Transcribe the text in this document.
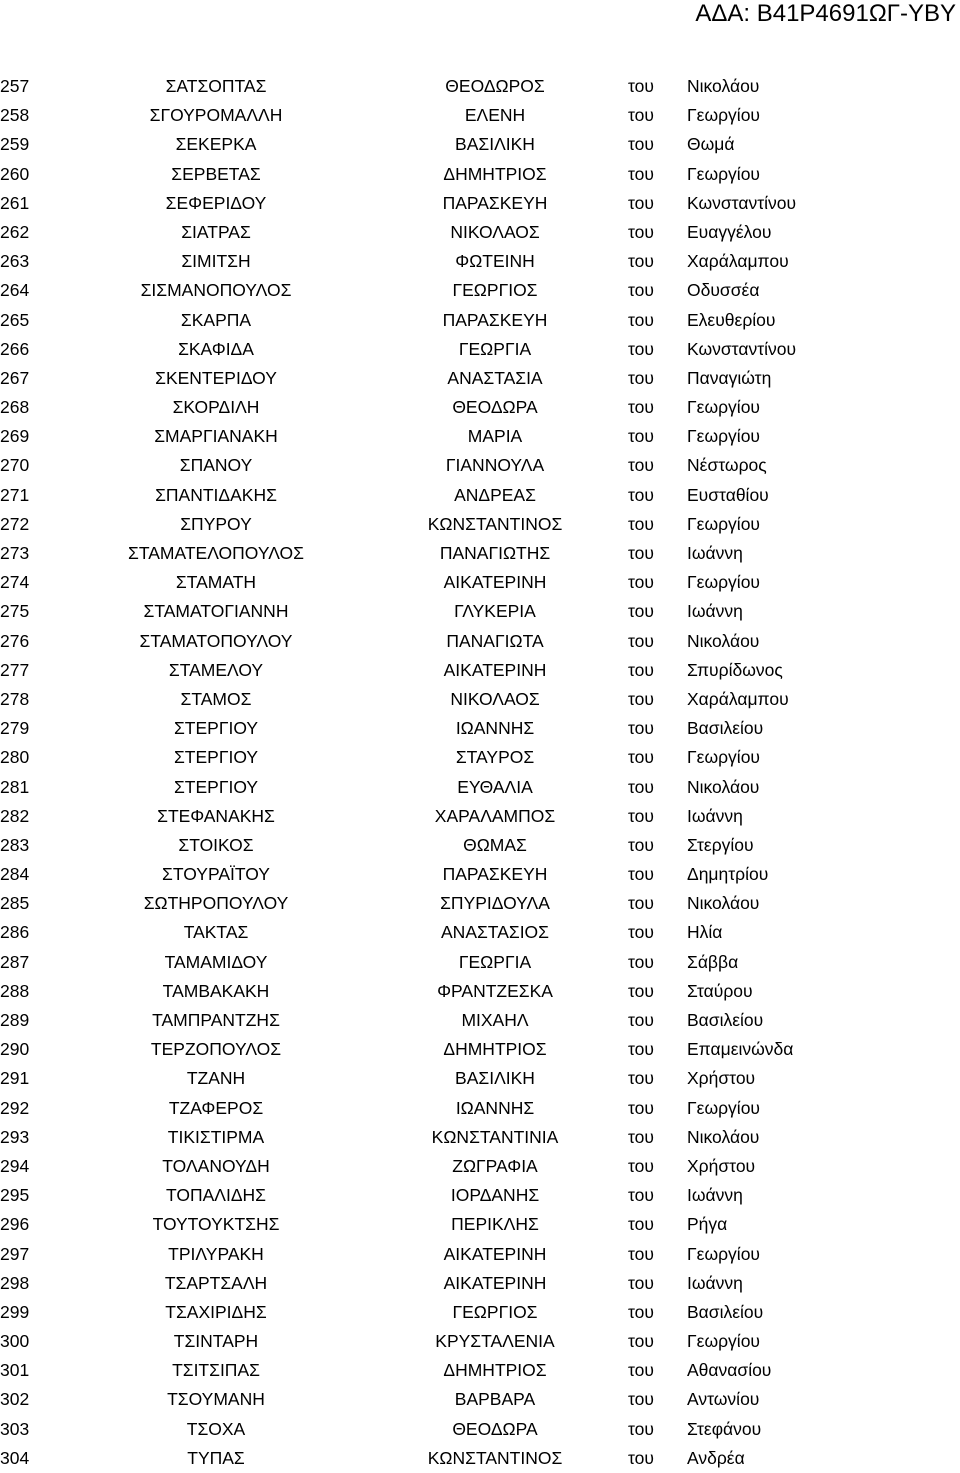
ΑΔΑ: Β41Ρ4691ΩΓ-ΥΒΥ
257	ΣΑΤΣΟΠΤΑΣ	ΘΕΟΔΩΡΟΣ	του Νικολάου
258	ΣΓΟΥΡΟΜΑΛΛΗ	ΕΛΕΝΗ	του Γεωργίου
259	ΣΕΚΕΡΚΑ	ΒΑΣΙΛΙΚΗ	του Θωμά
260	ΣΕΡΒΕΤΑΣ	ΔΗΜΗΤΡΙΟΣ	του Γεωργίου
261	ΣΕΦΕΡΙΔΟΥ	ΠΑΡΑΣΚΕΥΗ	του Κωνσταντίνου
262	ΣΙΑΤΡΑΣ	ΝΙΚΟΛΑΟΣ	του Ευαγγέλου
263	ΣΙΜΙΤΣΗ	ΦΩΤΕΙΝΗ	του Χαράλαμπου
264	ΣΙΣΜΑΝΟΠΟΥΛΟΣ	ΓΕΩΡΓΙΟΣ	του Οδυσσέα
265	ΣΚΑΡΠΑ	ΠΑΡΑΣΚΕΥΗ	του Ελευθερίου
266	ΣΚΑΦΙΔΑ	ΓΕΩΡΓΙΑ	του Κωνσταντίνου
267	ΣΚΕΝΤΕΡΙΔΟΥ	ΑΝΑΣΤΑΣΙΑ	του Παναγιώτη
268	ΣΚΟΡΔΙΛΗ	ΘΕΟΔΩΡΑ	του Γεωργίου
269	ΣΜΑΡΓΙΑΝΑΚΗ	ΜΑΡΙΑ	του Γεωργίου
270	ΣΠΑΝΟΥ	ΓΙΑΝΝΟΥΛΑ	του Νέστωρος
271	ΣΠΑΝΤΙΔΑΚΗΣ	ΑΝΔΡΕΑΣ	του Ευσταθίου
272	ΣΠΥΡΟΥ	ΚΩΝΣΤΑΝΤΙΝΟΣ	του Γεωργίου
273	ΣΤΑΜΑΤΕΛΟΠΟΥΛΟΣ	ΠΑΝΑΓΙΩΤΗΣ	του Ιωάννη
274	ΣΤΑΜΑΤΗ	ΑΙΚΑΤΕΡΙΝΗ	του Γεωργίου
275	ΣΤΑΜΑΤΟΓΙΑΝΝΗ	ΓΛΥΚΕΡΙΑ	του Ιωάννη
276	ΣΤΑΜΑΤΟΠΟΥΛΟΥ	ΠΑΝΑΓΙΩΤΑ	του Νικολάου
277	ΣΤΑΜΕΛΟΥ	ΑΙΚΑΤΕΡΙΝΗ	του Σπυρίδωνος
278	ΣΤΑΜΟΣ	ΝΙΚΟΛΑΟΣ	του Χαράλαμπου
279	ΣΤΕΡΓΙΟΥ	ΙΩΑΝΝΗΣ	του Βασιλείου
280	ΣΤΕΡΓΙΟΥ	ΣΤΑΥΡΟΣ	του Γεωργίου
281	ΣΤΕΡΓΙΟΥ	ΕΥΘΑΛΙΑ	του Νικολάου
282	ΣΤΕΦΑΝΑΚΗΣ	ΧΑΡΑΛΑΜΠΟΣ	του Ιωάννη
283	ΣΤΟΙΚΟΣ	ΘΩΜΑΣ	του Στεργίου
284	ΣΤΟΥΡΑΪΤΟΥ	ΠΑΡΑΣΚΕΥΗ	του Δημητρίου
285	ΣΩΤΗΡΟΠΟΥΛΟΥ	ΣΠΥΡΙΔΟΥΛΑ	του Νικολάου
286	ΤΑΚΤΑΣ	ΑΝΑΣΤΑΣΙΟΣ	του Ηλία
287	ΤΑΜΑΜΙΔΟΥ	ΓΕΩΡΓΙΑ	του Σάββα
288	ΤΑΜΒΑΚΑΚΗ	ΦΡΑΝΤΖΕΣΚΑ	του Σταύρου
289	ΤΑΜΠΡΑΝΤΖΗΣ	ΜΙΧΑΗΛ	του Βασιλείου
290	ΤΕΡΖΟΠΟΥΛΟΣ	ΔΗΜΗΤΡΙΟΣ	του Επαμεινώνδα
291	ΤΖΑΝΗ	ΒΑΣΙΛΙΚΗ	του Χρήστου
292	ΤΖΑΦΕΡΟΣ	ΙΩΑΝΝΗΣ	του Γεωργίου
293	ΤΙΚΙΣΤΙΡΜΑ	ΚΩΝΣΤΑΝΤΙΝΙΑ	του Νικολάου
294	ΤΟΛΑΝΟΥΔΗ	ΖΩΓΡΑΦΙΑ	του Χρήστου
295	ΤΟΠΑΛΙΔΗΣ	ΙΟΡΔΑΝΗΣ	του Ιωάννη
296	ΤΟΥΤΟΥΚΤΣΗΣ	ΠΕΡΙΚΛΗΣ	του Ρήγα
297	ΤΡΙΛΥΡΑΚΗ	ΑΙΚΑΤΕΡΙΝΗ	του Γεωργίου
298	ΤΣΑΡΤΣΑΛΗ	ΑΙΚΑΤΕΡΙΝΗ	του Ιωάννη
299	ΤΣΑΧΙΡΙΔΗΣ	ΓΕΩΡΓΙΟΣ	του Βασιλείου
300	ΤΣΙΝΤΑΡΗ	ΚΡΥΣΤΑΛΕΝΙΑ	του Γεωργίου
301	ΤΣΙΤΣΙΠΑΣ	ΔΗΜΗΤΡΙΟΣ	του Αθανασίου
302	ΤΣΟΥΜΑΝΗ	ΒΑΡΒΑΡΑ	του Αντωνίου
303	ΤΣΟΧΑ	ΘΕΟΔΩΡΑ	του Στεφάνου
304	ΤΥΠΑΣ	ΚΩΝΣΤΑΝΤΙΝΟΣ	του Ανδρέα
